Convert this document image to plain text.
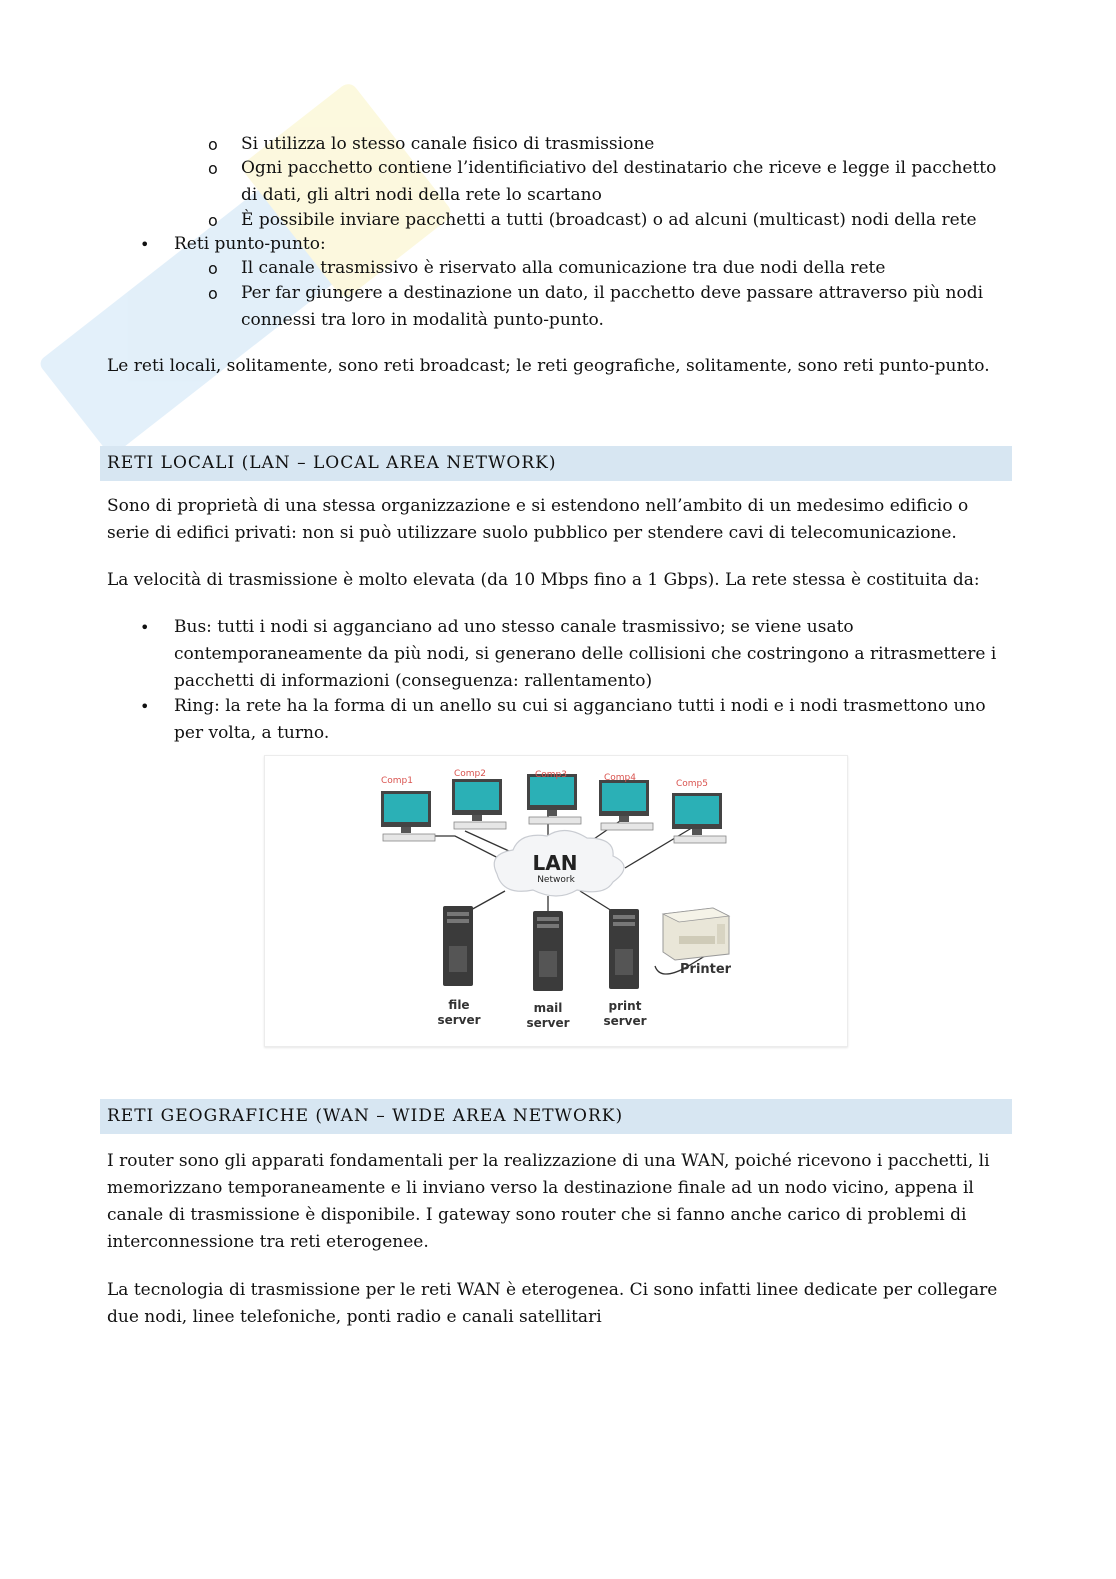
o	Si utilizza lo stesso canale fisico di trasmissione
o	Ogni pacchetto contiene l’identificiativo del destinatario che riceve e legge il pacchetto di dati, gli altri nodi della rete lo scartano
o	È possibile inviare pacchetti a tutti (broadcast) o ad alcuni (multicast) nodi della rete
• Reti punto-punto:
o	Il canale trasmissivo è riservato alla comunicazione tra due nodi della rete
o	Per far giungere a destinazione un dato, il pacchetto deve passare attraverso più nodi connessi tra loro in modalità punto-punto.
Le reti locali, solitamente, sono reti broadcast; le reti geografiche, solitamente, sono reti punto-punto.
RETI LOCALI (LAN – LOCAL AREA NETWORK)
Sono di proprietà di una stessa organizzazione e si estendono nell’ambito di un medesimo edificio o serie di edifici privati: non si può utilizzare suolo pubblico per stendere cavi di telecomunicazione.
La velocità di trasmissione è molto elevata (da 10 Mbps fino a 1 Gbps). La rete stessa è costituita da:
• Bus: tutti i nodi si agganciano ad uno stesso canale trasmissivo; se viene usato contemporaneamente da più nodi, si generano delle collisioni che costringono a ritrasmettere i pacchetti di informazioni (conseguenza: rallentamento)
• Ring: la rete ha la forma di un anello su cui si agganciano tutti i nodi e i nodi trasmettono uno per volta, a turno.
LAN
Network
Comp1
Comp2	Comp3	Comp4
Comp5
file
server
mail
server
print
server
Printer
RETI GEOGRAFICHE (WAN – WIDE AREA NETWORK)
I router sono gli apparati fondamentali per la realizzazione di una WAN, poiché ricevono i pacchetti, li memorizzano temporaneamente e li inviano verso la destinazione finale ad un nodo vicino, appena il canale di trasmissione è disponibile. I gateway sono router che si fanno anche carico di problemi di interconnessione tra reti eterogenee.
La tecnologia di trasmissione per le reti WAN è eterogenea. Ci sono infatti linee dedicate per collegare due nodi, linee telefoniche, ponti radio e canali satellitari
